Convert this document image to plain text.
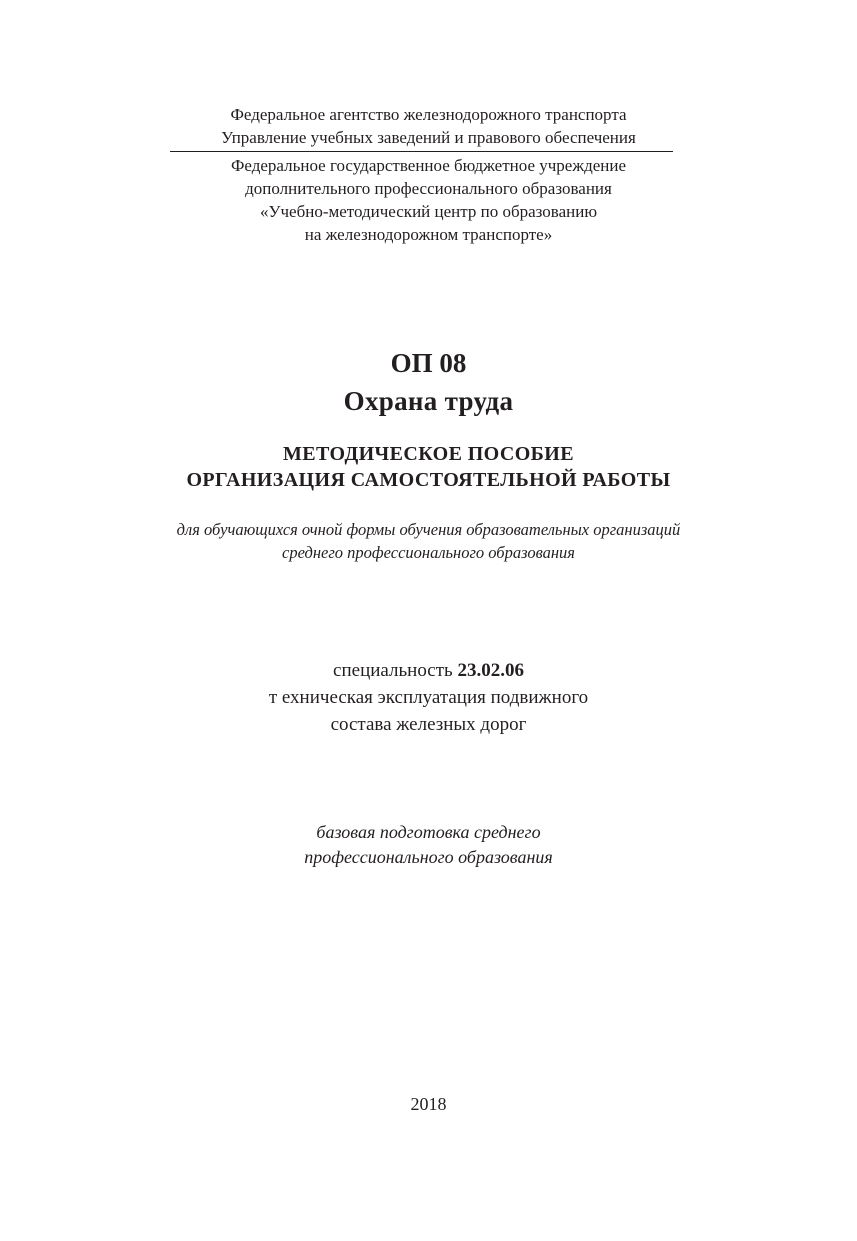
Федеральное агентство железнодорожного транспорта
Управление учебных заведений и правового обеспечения
Федеральное государственное бюджетное учреждение
дополнительного профессионального образования
«Учебно-методический центр по образованию
на железнодорожном транспорте»
ОП 08
Охрана труда
МЕТОДИЧЕСКОЕ ПОСОБИЕ
ОРГАНИЗАЦИЯ САМОСТОЯТЕЛЬНОЙ РАБОТЫ
для обучающихся очной формы обучения образовательных организаций
среднего профессионального образования
специальность 23.02.06
т ехническая эксплуатация подвижного
состава железных дорог
базовая подготовка среднего
профессионального образования
2018
